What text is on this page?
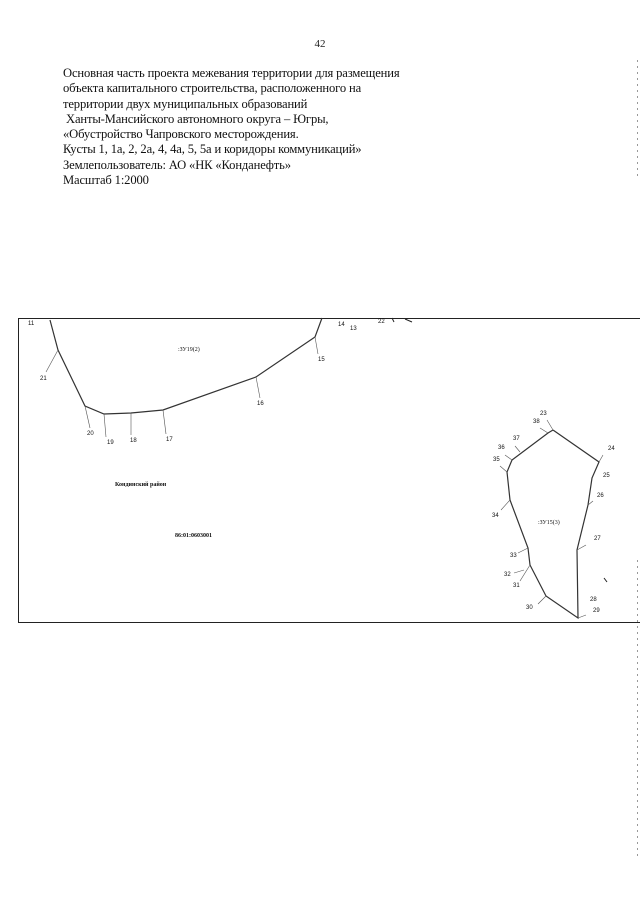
42
Основная часть проекта межевания территории для размещения
объекта капитального строительства, расположенного на
территории двух муниципальных образований
Ханты-Мансийского автономного округа – Югры,
«Обустройство Чапровского месторождения.
Кусты 1, 1а, 2, 2а, 4, 4а, 5, 5а и коридоры коммуникаций»
Землепользователь: АО «НК «Конданефть»
Масштаб 1:2000
11
21
20
19	18	17
16
15
14
13
22
23
24
25
26
27
28
29
30
31
32
33
34
35
36
37
38
:ЗУ19(2)
:ЗУ15(3)
Кондинский район
86:01:0603001
